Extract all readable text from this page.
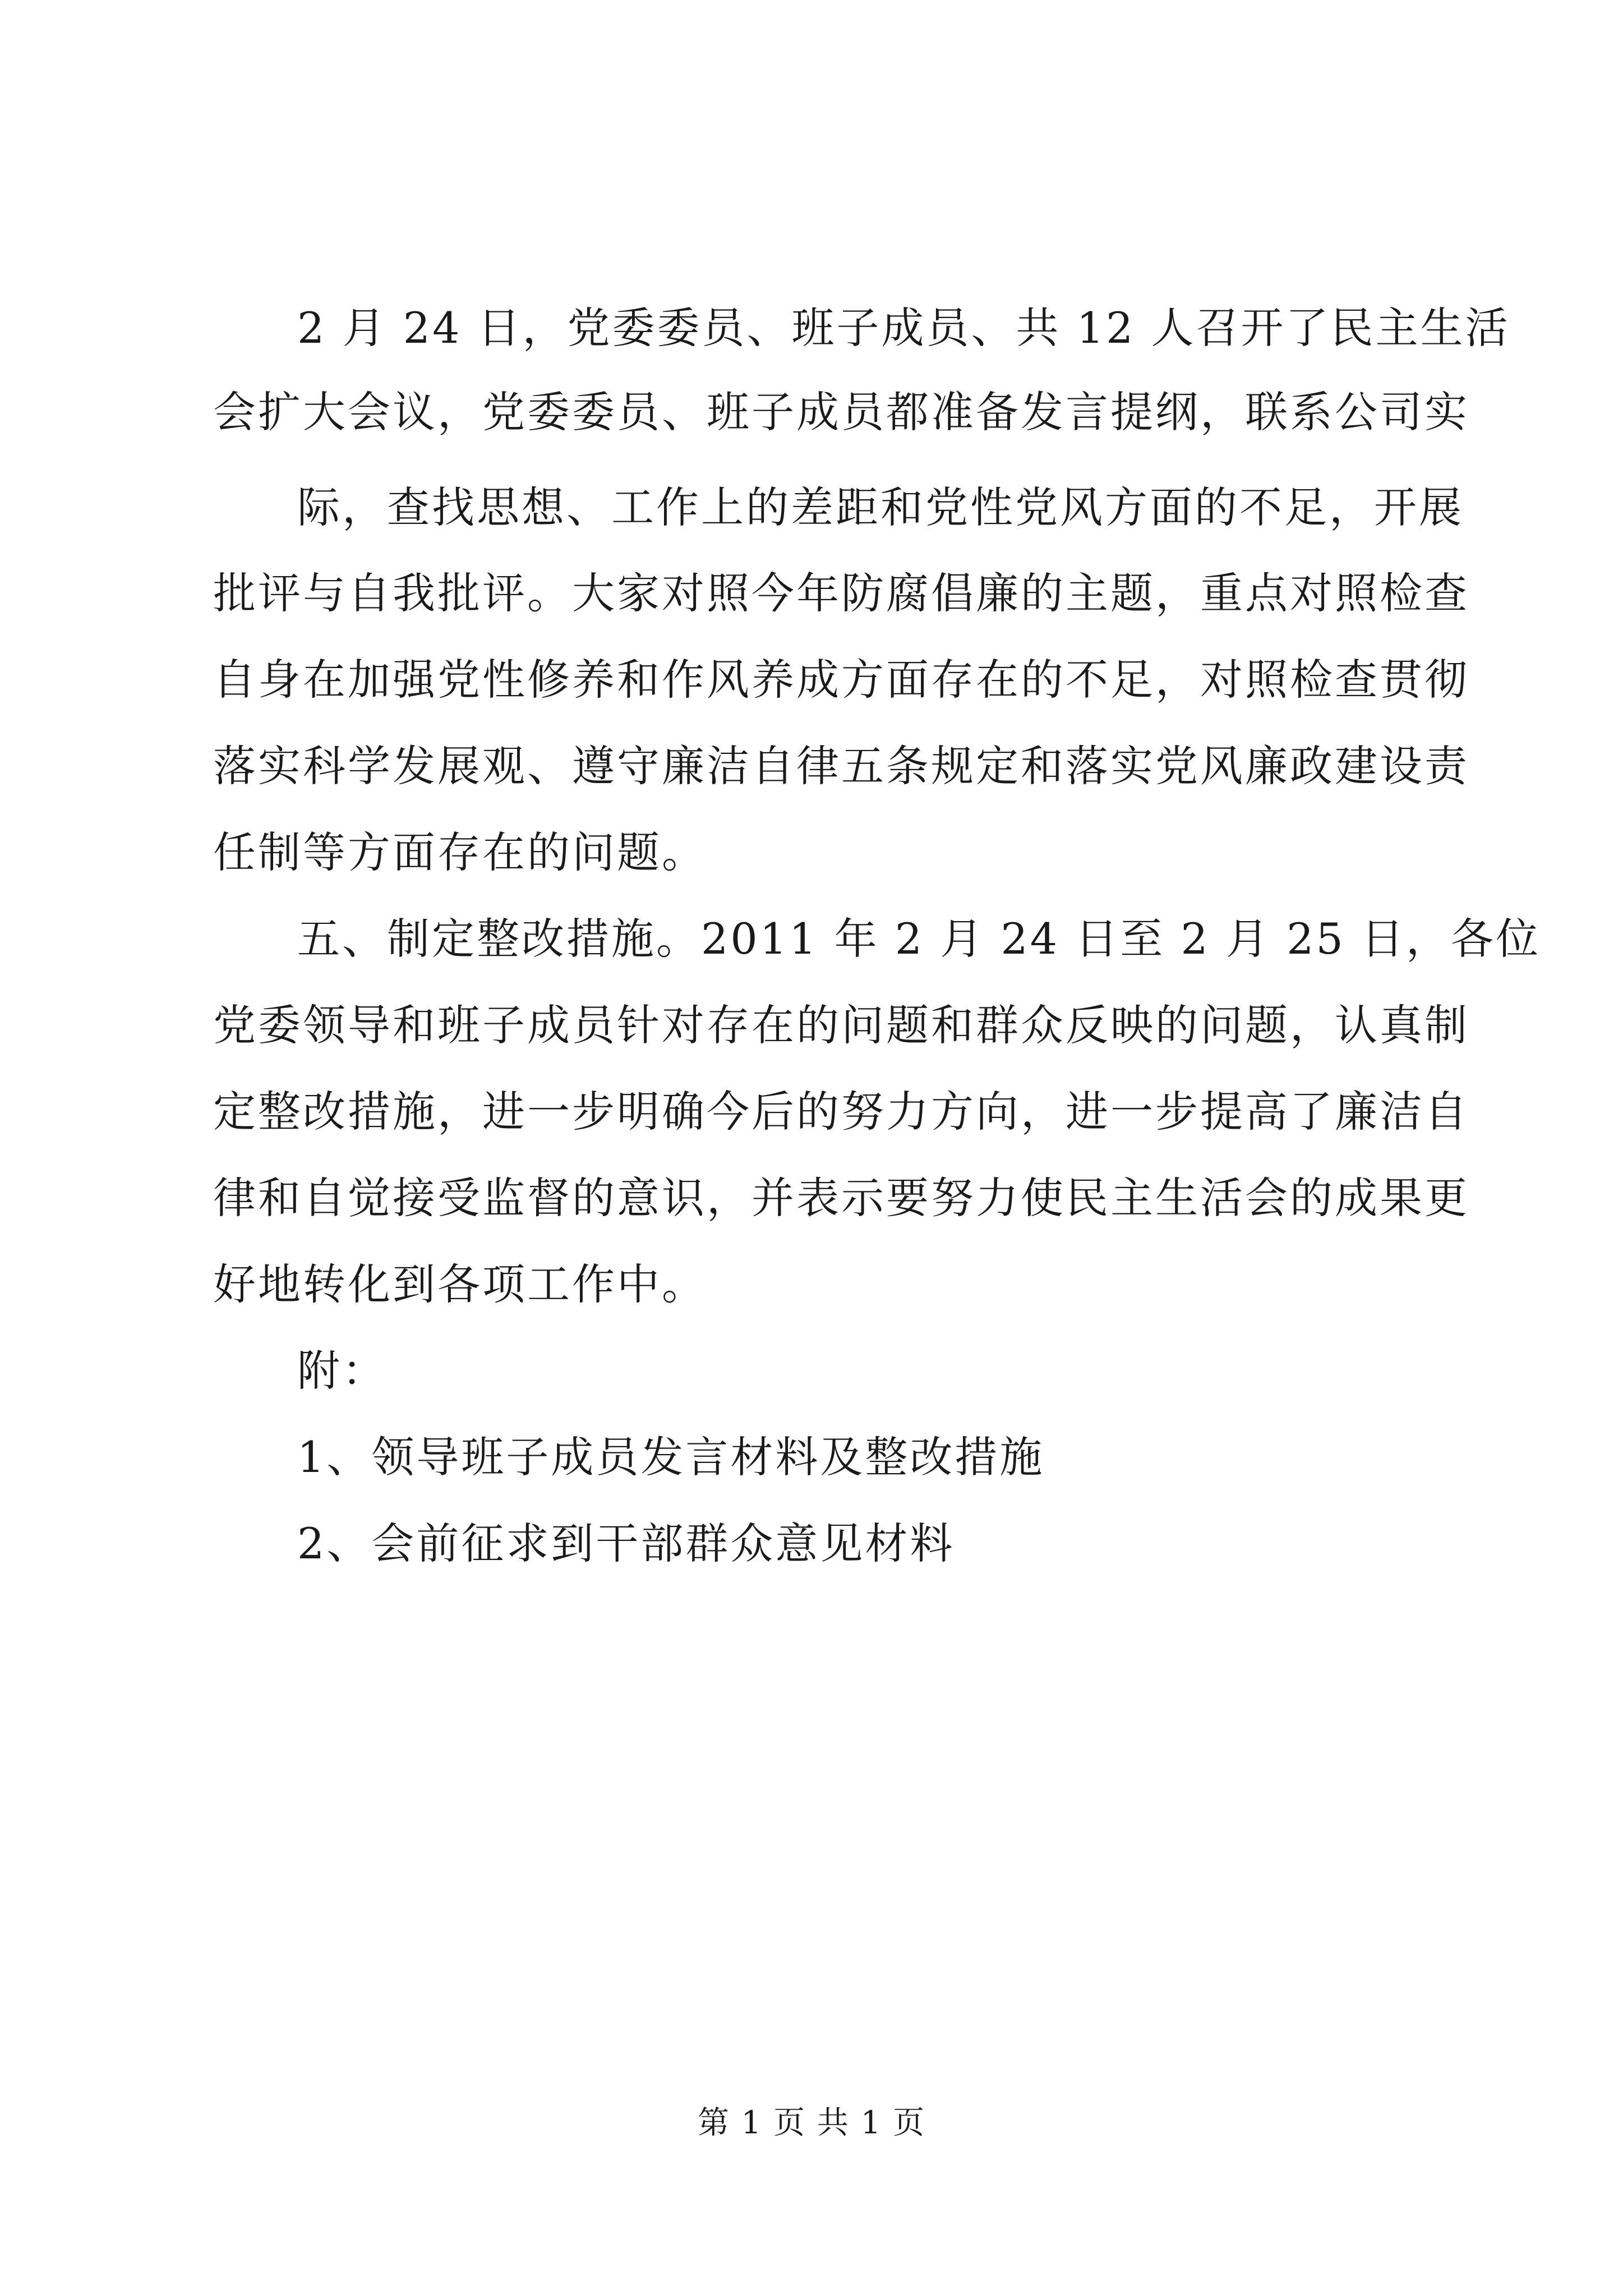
2 月 24 日，党委委员、班子成员、共 12 人召开了民主生活
会扩大会议，党委委员、班子成员都准备发言提纲，联系公司实
际，查找思想、工作上的差距和党性党风方面的不足，开展
批评与自我批评。大家对照今年防腐倡廉的主题，重点对照检查
自身在加强党性修养和作风养成方面存在的不足，对照检查贯彻
落实科学发展观、遵守廉洁自律五条规定和落实党风廉政建设责
任制等方面存在的问题。
五、制定整改措施。2011 年 2 月 24 日至 2 月 25 日，各位
党委领导和班子成员针对存在的问题和群众反映的问题，认真制
定整改措施，进一步明确今后的努力方向，进一步提高了廉洁自
律和自觉接受监督的意识，并表示要努力使民主生活会的成果更
好地转化到各项工作中。
附：
1、领导班子成员发言材料及整改措施
2、会前征求到干部群众意见材料
第 1 页 共 1 页
